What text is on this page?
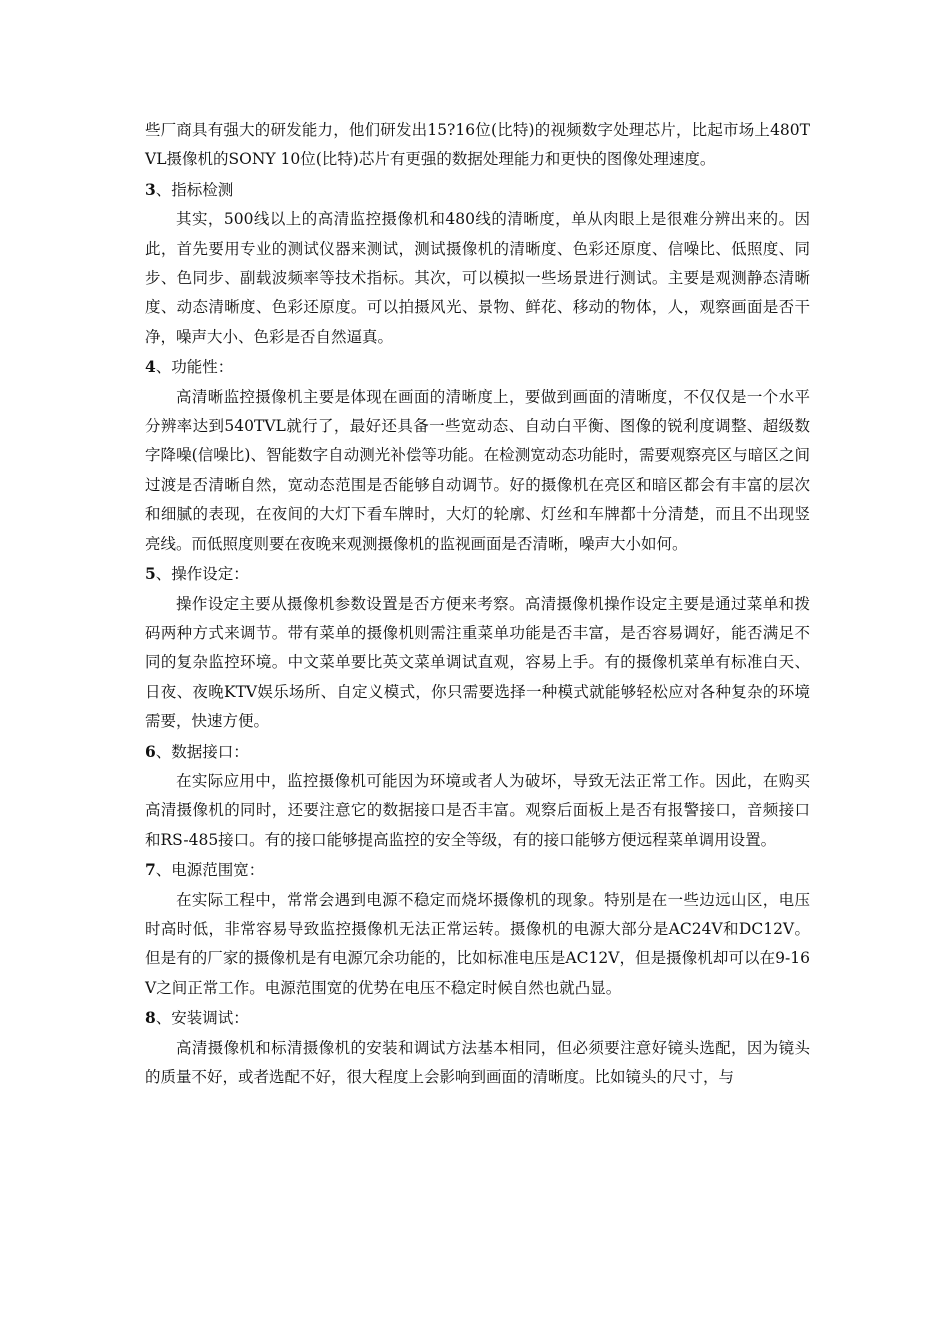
些厂商具有强大的研发能力，他们研发出15?16位(比特)的视频数字处理芯片，比起市场上480TVL摄像机的SONY 10位(比特)芯片有更强的数据处理能力和更快的图像处理速度。

3、指标检测

其实，500线以上的高清监控摄像机和480线的清晰度，单从肉眼上是很难分辨出来的。因此，首先要用专业的测试仪器来测试，测试摄像机的清晰度、色彩还原度、信噪比、低照度、同步、色同步、副载波频率等技术指标。其次，可以模拟一些场景进行测试。主要是观测静态清晰度、动态清晰度、色彩还原度。可以拍摄风光、景物、鲜花、移动的物体，人，观察画面是否干净，噪声大小、色彩是否自然逼真。

4、功能性：

高清晰监控摄像机主要是体现在画面的清晰度上，要做到画面的清晰度，不仅仅是一个水平分辨率达到540TVL就行了，最好还具备一些宽动态、自动白平衡、图像的锐利度调整、超级数字降噪(信噪比)、智能数字自动测光补偿等功能。在检测宽动态功能时，需要观察亮区与暗区之间过渡是否清晰自然，宽动态范围是否能够自动调节。好的摄像机在亮区和暗区都会有丰富的层次和细腻的表现，在夜间的大灯下看车牌时，大灯的轮廓、灯丝和车牌都十分清楚，而且不出现竖亮线。而低照度则要在夜晚来观测摄像机的监视画面是否清晰，噪声大小如何。

5、操作设定：

操作设定主要从摄像机参数设置是否方便来考察。高清摄像机操作设定主要是通过菜单和拨码两种方式来调节。带有菜单的摄像机则需注重菜单功能是否丰富，是否容易调好，能否满足不同的复杂监控环境。中文菜单要比英文菜单调试直观，容易上手。有的摄像机菜单有标准白天、日夜、夜晚KTV娱乐场所、自定义模式，你只需要选择一种模式就能够轻松应对各种复杂的环境需要，快速方便。

6、数据接口：

在实际应用中，监控摄像机可能因为环境或者人为破坏，导致无法正常工作。因此，在购买高清摄像机的同时，还要注意它的数据接口是否丰富。观察后面板上是否有报警接口，音频接口和RS-485接口。有的接口能够提高监控的安全等级，有的接口能够方便远程菜单调用设置。

7、电源范围宽：

在实际工程中，常常会遇到电源不稳定而烧坏摄像机的现象。特别是在一些边远山区，电压时高时低，非常容易导致监控摄像机无法正常运转。摄像机的电源大部分是AC24V和DC12V。但是有的厂家的摄像机是有电源冗余功能的，比如标准电压是AC12V，但是摄像机却可以在9-16V之间正常工作。电源范围宽的优势在电压不稳定时候自然也就凸显。

8、安装调试：

高清摄像机和标清摄像机的安装和调试方法基本相同，但必须要注意好镜头选配，因为镜头的质量不好，或者选配不好，很大程度上会影响到画面的清晰度。比如镜头的尺寸，与
